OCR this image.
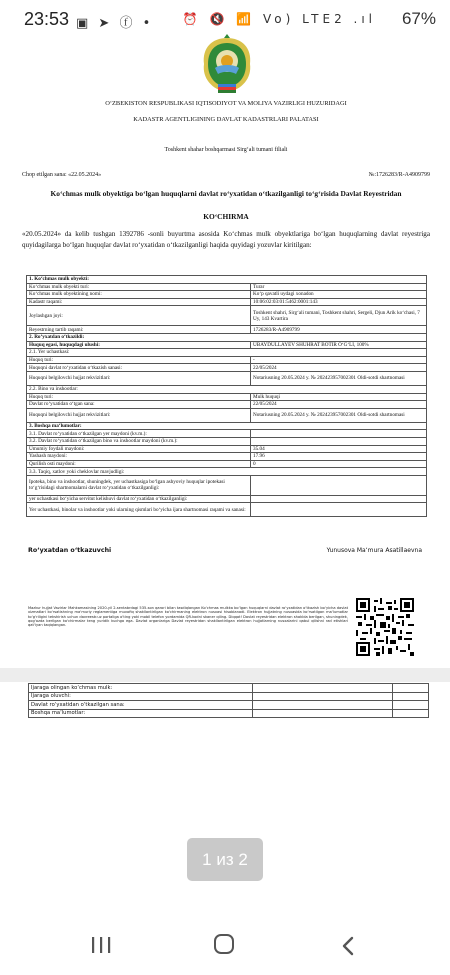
23:53 ▣ ➤ ⓕ • ⏰ 🔇 📶 Vo) LTE2 .ıl 67%
O‘ZBEKISTON RESPUBLIKASI IQTISODIYOT VA MOLIYA VAZIRLIGI HUZURIDAGI
KADASTR AGENTLIGINING DAVLAT KADASTRLARI PALATASI
Toshkent shahar boshqarmasi Sirg‘ali tumani filiali
Chop etilgan sana: «22.05.2024»	№:1726283/R-A4909799
Ko‘chmas mulk obyektiga bo‘lgan huquqlarni davlat ro‘yxatidan o‘tkazilganligi to‘g‘risida Davlat Reyestridan
KO‘CHIRMA
«20.05.2024» da kelib tushgan 1392786 -sonli buyurtma asosida Ko‘chmas mulk obyektlariga bo‘lgan huquqlarning davlat reyestriga quyidagilarga bo‘lgan huquqlar davlat ro‘yxatidan o‘tkazilganligi haqida quyidagi yozuvlar kiritilgan:
1. Ko‘chmas mulk obyekti:	
Ko‘chmas mulk obyekti turi:	Turar
Ko‘chmas mulk obyektining nomi:	Ko‘p qavatli uydagi xonadon
Kadastr raqami:	10:06:02:03:01:5462:0001:143
Joylashgan joyi:	Toshkent shahri, Sirg‘ali tumani, Toshkent shahri, Sergeli, Djun Arik ko‘chasi, 7 Uy, 143 Kvartira
Reyestrning tartib raqami:	1726283/R-A4909799
2. Ro‘yxatdan o‘tkazildi:	
Huquq egasi, huquqdagi ulushi:	UBAYDULLAYEV SHUHRAT BOTIR O‘G‘LI, 100%
2.1. Yer uchastkasi:	
Huquq turi:	-
Huquqni davlat ro‘yxatidan o‘tkazish sanasi:	22/05/2024
Huquqni belgilovchi hujjat rekvizitlari:	Notariusning 20.05.2024 y. № 202423957002301 Oldi-sotdi shartnomasi
2.2. Bino va inshootlar:	
Huquq turi:	Mulk huquqi
Davlat ro‘yxatidan o‘tgan sana:	22/05/2024
Huquqni belgilovchi hujjat rekvizitlari:	Notariusning 20.05.2024 y. № 202423957002301 Oldi-sotdi shartnomasi
3. Boshqa ma‘lumotlar:	
3.1. Davlat ro‘yxatidan o‘tkazilgan yer maydoni (kv.m.):	
3.2. Davlat ro‘yxatidan o‘tkazilgan bino va inshootlar maydoni (kv.m.):	
Umumiy foydali maydoni:	35.04
Yashash maydoni:	17.96
Qurilish osti maydoni:	0
3.3. Taqiq, xatlov yoki cheklovlar mavjudligi:	
Ipoteka, bino va inshootlar, shuningdek, yer uchastkasiga bo‘lgan ashyoviy huquqlar ipotekasi to‘g‘risidagi shartnomalarni davlat ro‘yxatidan o‘tkazilganligi:	
yer uchastkasi bo‘yicha servitut kelishuvi davlat ro‘yxatidan o‘tkazilganligi:	
Yer uchastkasi, binolar va inshootlar yoki ularning qismlari bo‘yicha ijara shartnomasi raqami va sanasi:	
Ro‘yxatdan o‘tkazuvchi	Yunusova Ma‘mura Asatillaevna
Mazkur hujjat Vazirlar Mahkamasining 2020-yil 2-sentabrdagi 535-son qarori bilan tasdiqlangan Ko‘chmas mulkka bo‘lgan huquqlarni davlat ro‘yxatidan o‘tkazish bo‘yicha davlat xizmatlari ko‘rsatishning ma‘muriy reglamentiga muvofiq shakllantirilgan ko‘chirmaning elektron nusxasi hisoblanadi. Elektron hujjatning nusxasida ko‘rsatilgan ma‘lumotlar to‘g‘riligini tekshirish uchun davreestr.uz portaliga o‘ting yoki mobil telefon yordamida QR-kodni skaner qiling. Diqqat! Davlat reyestridan elektron shaklda berilgan, shuningdek, qog‘ozda berilgan ko‘chirmalar teng yuridik kuchga ega. Davlat organlariga Davlat reyestridan shakllantirilgan elektron hujjatlarning nusxalarini qabul qilishni rad etishlari qat‘iyan taqiqlangan.
Ijaraga olingan ko‘chmas mulk:		
Ijaraga oluvchi:		
Davlat ro‘yxatidan o‘tkazilgan sana:		
Boshqa ma‘lumotlar:		
1 из 2
